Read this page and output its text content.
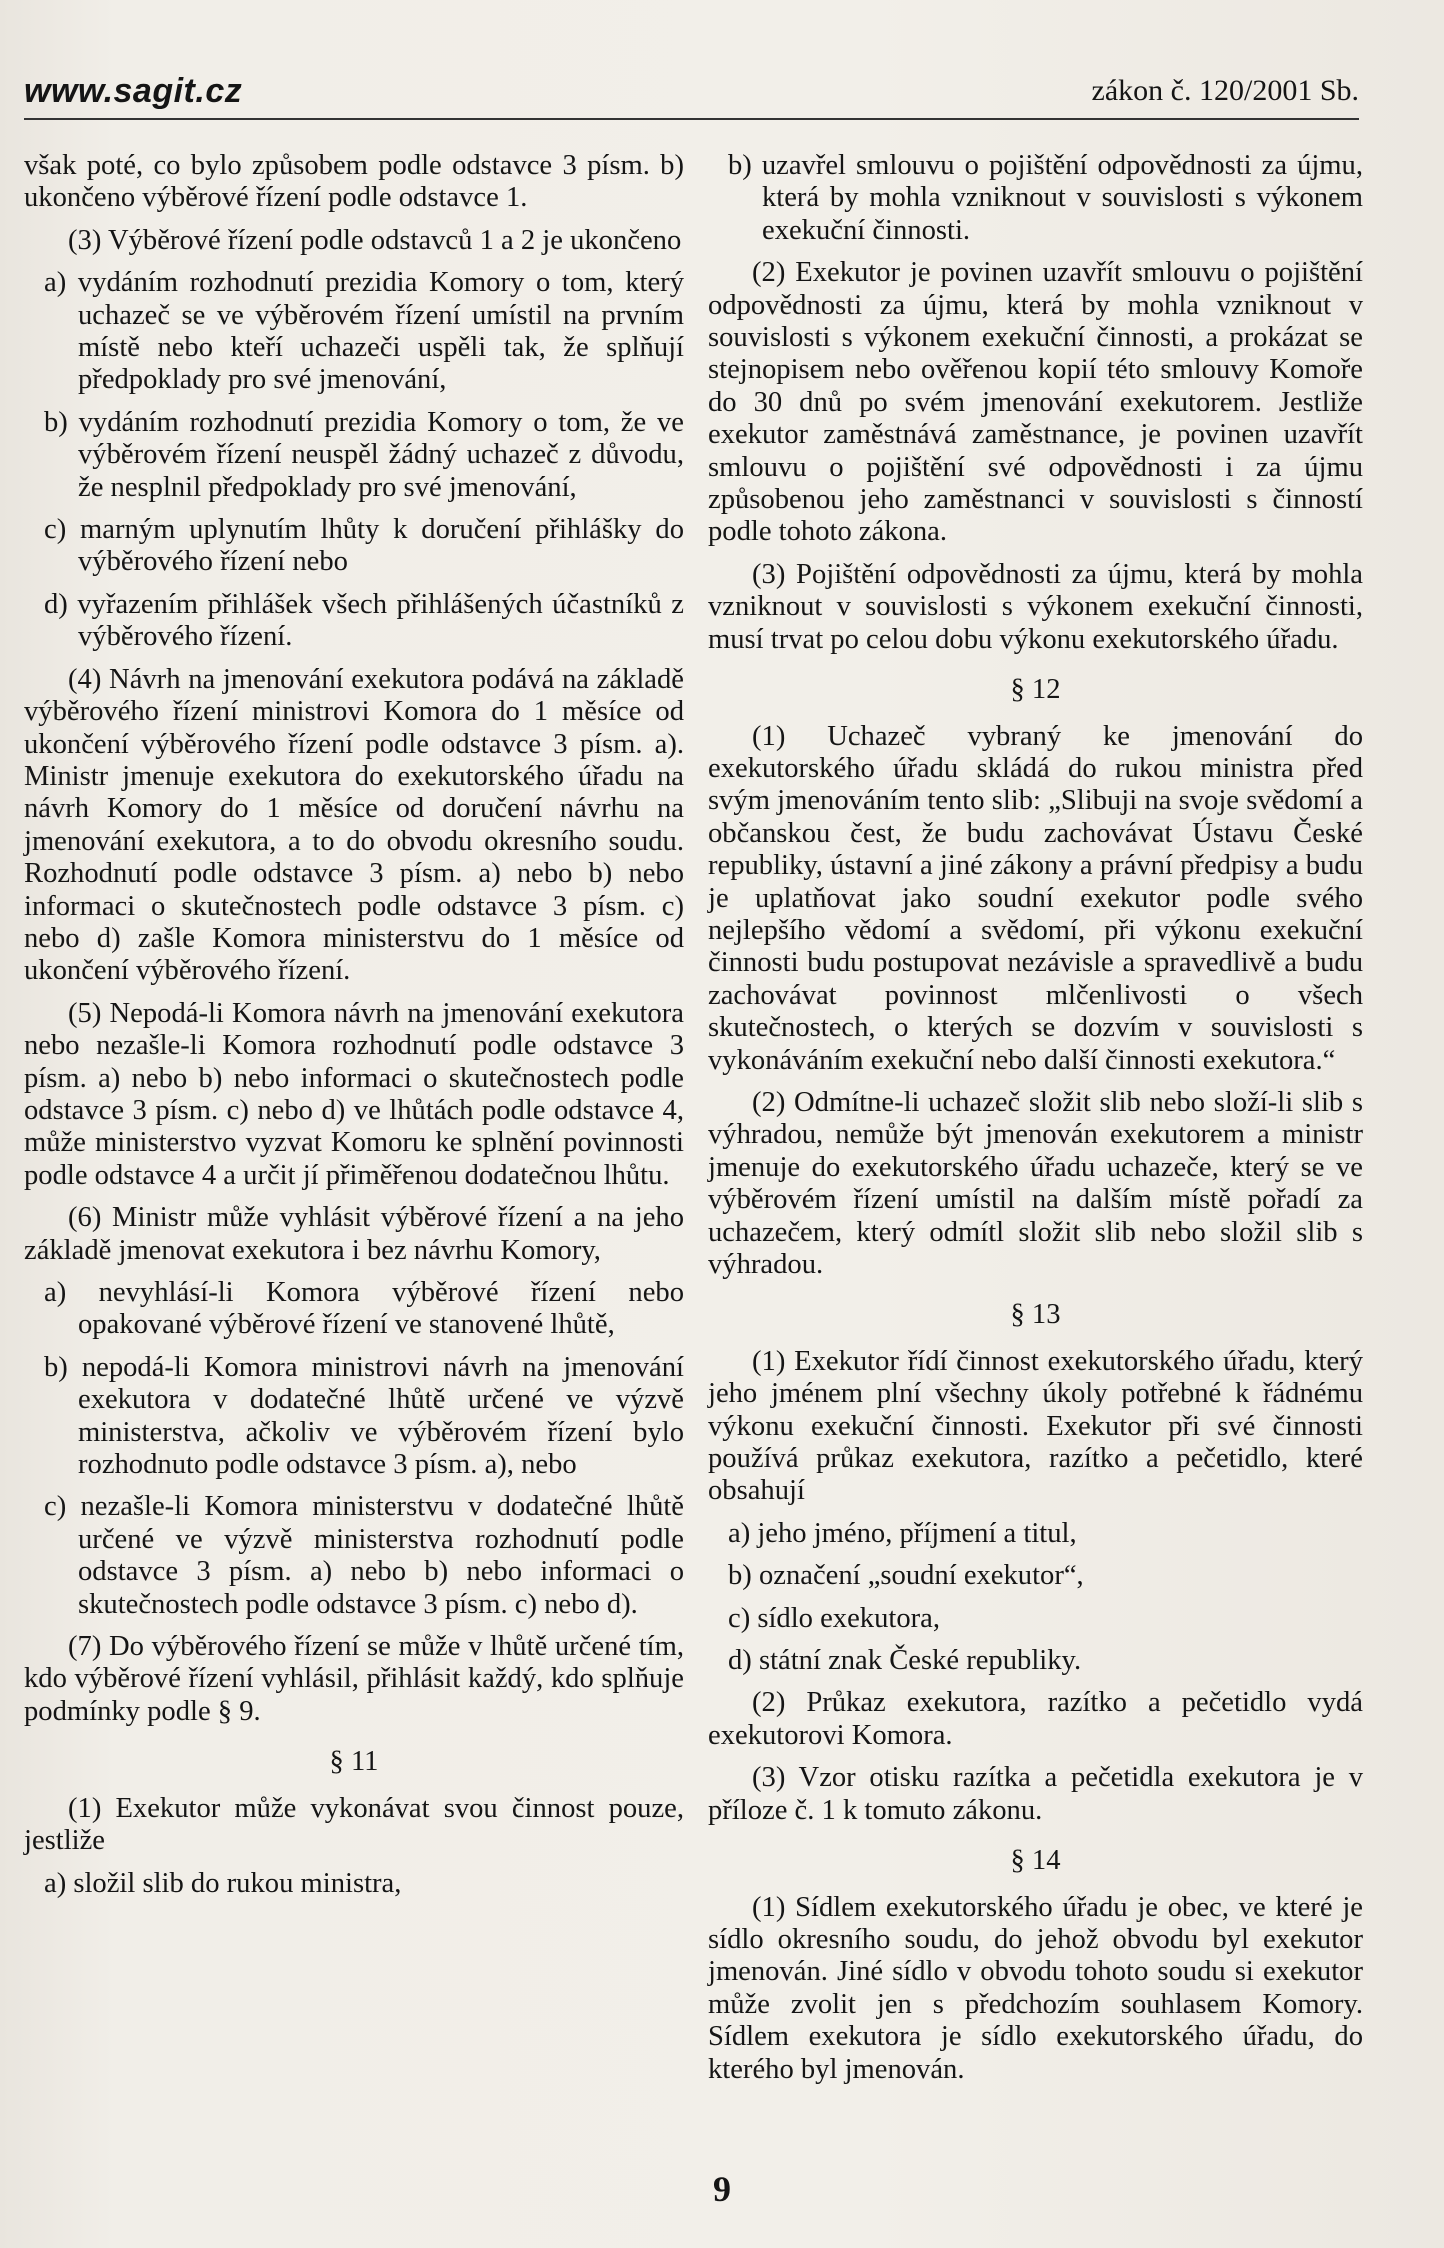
www.sagit.cz	zákon č. 120/2001 Sb.

však poté, co bylo způsobem podle odstavce 3 písm. b) ukončeno výběrové řízení podle odstavce 1.

(3) Výběrové řízení podle odstavců 1 a 2 je ukončeno

a) vydáním rozhodnutí prezidia Komory o tom, který uchazeč se ve výběrovém řízení umístil na prvním místě nebo kteří uchazeči uspěli tak, že splňují předpoklady pro své jmenování,

b) vydáním rozhodnutí prezidia Komory o tom, že ve výběrovém řízení neuspěl žádný uchazeč z důvodu, že nesplnil předpoklady pro své jmenování,

c) marným uplynutím lhůty k doručení přihlášky do výběrového řízení nebo

d) vyřazením přihlášek všech přihlášených účastníků z výběrového řízení.

(4) Návrh na jmenování exekutora podává na základě výběrového řízení ministrovi Komora do 1 měsíce od ukončení výběrového řízení podle odstavce 3 písm. a). Ministr jmenuje exekutora do exekutorského úřadu na návrh Komory do 1 měsíce od doručení návrhu na jmenování exekutora, a to do obvodu okresního soudu. Rozhodnutí podle odstavce 3 písm. a) nebo b) nebo informaci o skutečnostech podle odstavce 3 písm. c) nebo d) zašle Komora ministerstvu do 1 měsíce od ukončení výběrového řízení.

(5) Nepodá-li Komora návrh na jmenování exekutora nebo nezašle-li Komora rozhodnutí podle odstavce 3 písm. a) nebo b) nebo informaci o skutečnostech podle odstavce 3 písm. c) nebo d) ve lhůtách podle odstavce 4, může ministerstvo vyzvat Komoru ke splnění povinnosti podle odstavce 4 a určit jí přiměřenou dodatečnou lhůtu.

(6) Ministr může vyhlásit výběrové řízení a na jeho základě jmenovat exekutora i bez návrhu Komory,

a) nevyhlásí-li Komora výběrové řízení nebo opakované výběrové řízení ve stanovené lhůtě,

b) nepodá-li Komora ministrovi návrh na jmenování exekutora v dodatečné lhůtě určené ve výzvě ministerstva, ačkoliv ve výběrovém řízení bylo rozhodnuto podle odstavce 3 písm. a), nebo

c) nezašle-li Komora ministerstvu v dodatečné lhůtě určené ve výzvě ministerstva rozhodnutí podle odstavce 3 písm. a) nebo b) nebo informaci o skutečnostech podle odstavce 3 písm. c) nebo d).

(7) Do výběrového řízení se může v lhůtě určené tím, kdo výběrové řízení vyhlásil, přihlásit každý, kdo splňuje podmínky podle § 9.

§ 11

(1) Exekutor může vykonávat svou činnost pouze, jestliže

a) složil slib do rukou ministra,

b) uzavřel smlouvu o pojištění odpovědnosti za újmu, která by mohla vzniknout v souvislosti s výkonem exekuční činnosti.

(2) Exekutor je povinen uzavřít smlouvu o pojištění odpovědnosti za újmu, která by mohla vzniknout v souvislosti s výkonem exekuční činnosti, a prokázat se stejnopisem nebo ověřenou kopií této smlouvy Komoře do 30 dnů po svém jmenování exekutorem. Jestliže exekutor zaměstnává zaměstnance, je povinen uzavřít smlouvu o pojištění své odpovědnosti i za újmu způsobenou jeho zaměstnanci v souvislosti s činností podle tohoto zákona.

(3) Pojištění odpovědnosti za újmu, která by mohla vzniknout v souvislosti s výkonem exekuční činnosti, musí trvat po celou dobu výkonu exekutorského úřadu.

§ 12

(1) Uchazeč vybraný ke jmenování do exekutorského úřadu skládá do rukou ministra před svým jmenováním tento slib: „Slibuji na svoje svědomí a občanskou čest, že budu zachovávat Ústavu České republiky, ústavní a jiné zákony a právní předpisy a budu je uplatňovat jako soudní exekutor podle svého nejlepšího vědomí a svědomí, při výkonu exekuční činnosti budu postupovat nezávisle a spravedlivě a budu zachovávat povinnost mlčenlivosti o všech skutečnostech, o kterých se dozvím v souvislosti s vykonáváním exekuční nebo další činnosti exekutora.“

(2) Odmítne-li uchazeč složit slib nebo složí-li slib s výhradou, nemůže být jmenován exekutorem a ministr jmenuje do exekutorského úřadu uchazeče, který se ve výběrovém řízení umístil na dalším místě pořadí za uchazečem, který odmítl složit slib nebo složil slib s výhradou.

§ 13

(1) Exekutor řídí činnost exekutorského úřadu, který jeho jménem plní všechny úkoly potřebné k řádnému výkonu exekuční činnosti. Exekutor při své činnosti používá průkaz exekutora, razítko a pečetidlo, které obsahují

a) jeho jméno, příjmení a titul,

b) označení „soudní exekutor“,

c) sídlo exekutora,

d) státní znak České republiky.

(2) Průkaz exekutora, razítko a pečetidlo vydá exekutorovi Komora.

(3) Vzor otisku razítka a pečetidla exekutora je v příloze č. 1 k tomuto zákonu.

§ 14

(1) Sídlem exekutorského úřadu je obec, ve které je sídlo okresního soudu, do jehož obvodu byl exekutor jmenován. Jiné sídlo v obvodu tohoto soudu si exekutor může zvolit jen s předchozím souhlasem Komory. Sídlem exekutora je sídlo exekutorského úřadu, do kterého byl jmenován.

9
